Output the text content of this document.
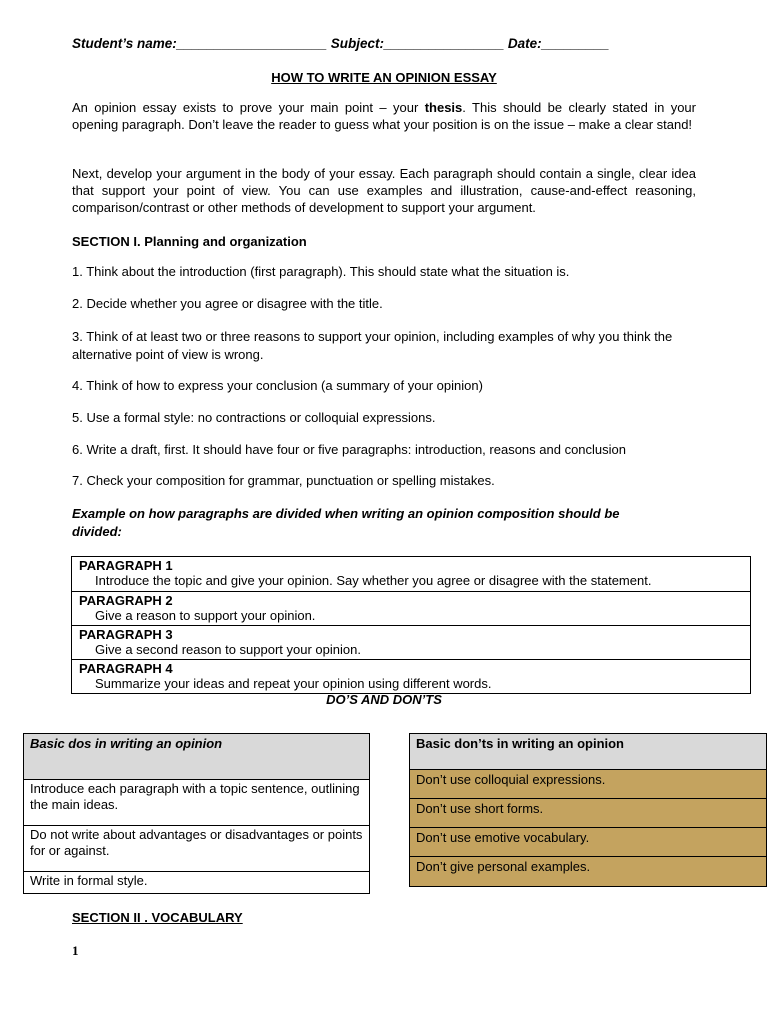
Student’s name:____________________ Subject:________________ Date:_________
HOW TO WRITE AN OPINION ESSAY
An opinion essay exists to prove your main point – your thesis. This should be clearly stated in your opening paragraph. Don’t leave the reader to guess what your position is on the issue – make a clear stand!
Next, develop your argument in the body of your essay. Each paragraph should contain a single, clear idea that support your point of view. You can use examples and illustration, cause-and-effect reasoning, comparison/contrast or other methods of development to support your argument.
SECTION I. Planning and organization
1. Think about the introduction (first paragraph). This should state what the situation is.
2. Decide whether you agree or disagree with the title.
3. Think of at least two or three reasons to support your opinion, including examples of why you think the alternative point of view is wrong.
4. Think of how to express your conclusion (a summary of your opinion)
5. Use a formal style: no contractions or colloquial expressions.
6. Write a draft, first. It should have four or five paragraphs: introduction, reasons and conclusion
7. Check your composition for grammar, punctuation or spelling mistakes.
Example on how paragraphs are divided when writing an opinion composition should be divided:
PARAGRAPH 1
Introduce the topic and give your opinion. Say whether you agree or disagree with the statement.
PARAGRAPH 2
Give a reason to support your opinion.
PARAGRAPH 3
Give a second reason to support your opinion.
PARAGRAPH 4
Summarize your ideas and repeat your opinion using different words.
DO’S AND DON’TS
Basic dos in writing an opinion
Introduce each paragraph with a topic sentence, outlining the main ideas.
Do not write about advantages or disadvantages or points for or against.
Write in formal style.
Basic don’ts in writing an opinion
Don’t use colloquial expressions.
Don’t use short forms.
Don’t use emotive vocabulary.
Don’t give personal examples.
SECTION II . VOCABULARY
1
